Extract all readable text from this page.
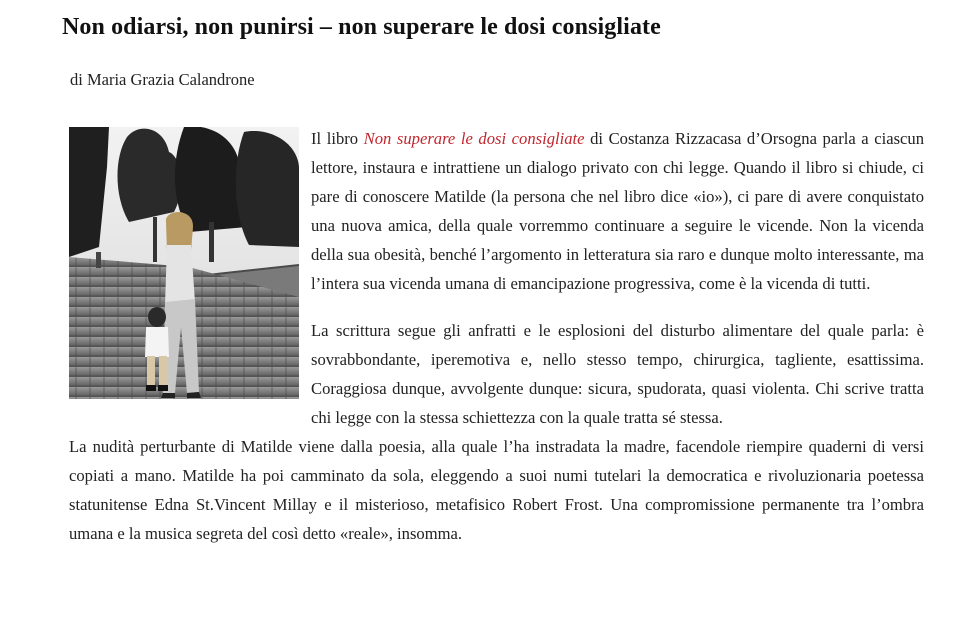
Non odiarsi, non punirsi – non superare le dosi consigliate
di Maria Grazia Calandrone

Il libro Non superare le dosi consigliate di Costanza Rizzacasa d’Orsogna parla a ciascun lettore, instaura e intrattiene un dialogo privato con chi legge. Quando il libro si chiude, ci pare di conoscere Matilde (la persona che nel libro dice «io»), ci pare di avere conquistato una nuova amica, della quale vorremmo continuare a seguire le vicende. Non la vicenda della sua obesità, benché l’argomento in letteratura sia raro e dunque molto interessante, ma l’intera sua vicenda umana di emancipazione progressiva, come è la vicenda di tutti.

La scrittura segue gli anfratti e le esplosioni del disturbo alimentare del quale parla: è sovrabbondante, iperemotiva e, nello stesso tempo, chirurgica, tagliente, esattissima. Coraggiosa dunque, avvolgente dunque: sicura, spudorata, quasi violenta. Chi scrive tratta chi legge con la stessa schiettezza con la quale tratta sé stessa.

La nudità perturbante di Matilde viene dalla poesia, alla quale l’ha instradata la madre, facendole riempire quaderni di versi copiati a mano. Matilde ha poi camminato da sola, eleggendo a suoi numi tutelari la democratica e rivoluzionaria poetessa statunitense Edna St.Vincent Millay e il misterioso, metafisico Robert Frost. Una compromissione permanente tra l’ombra umana e la musica segreta del così detto «reale», insomma.
